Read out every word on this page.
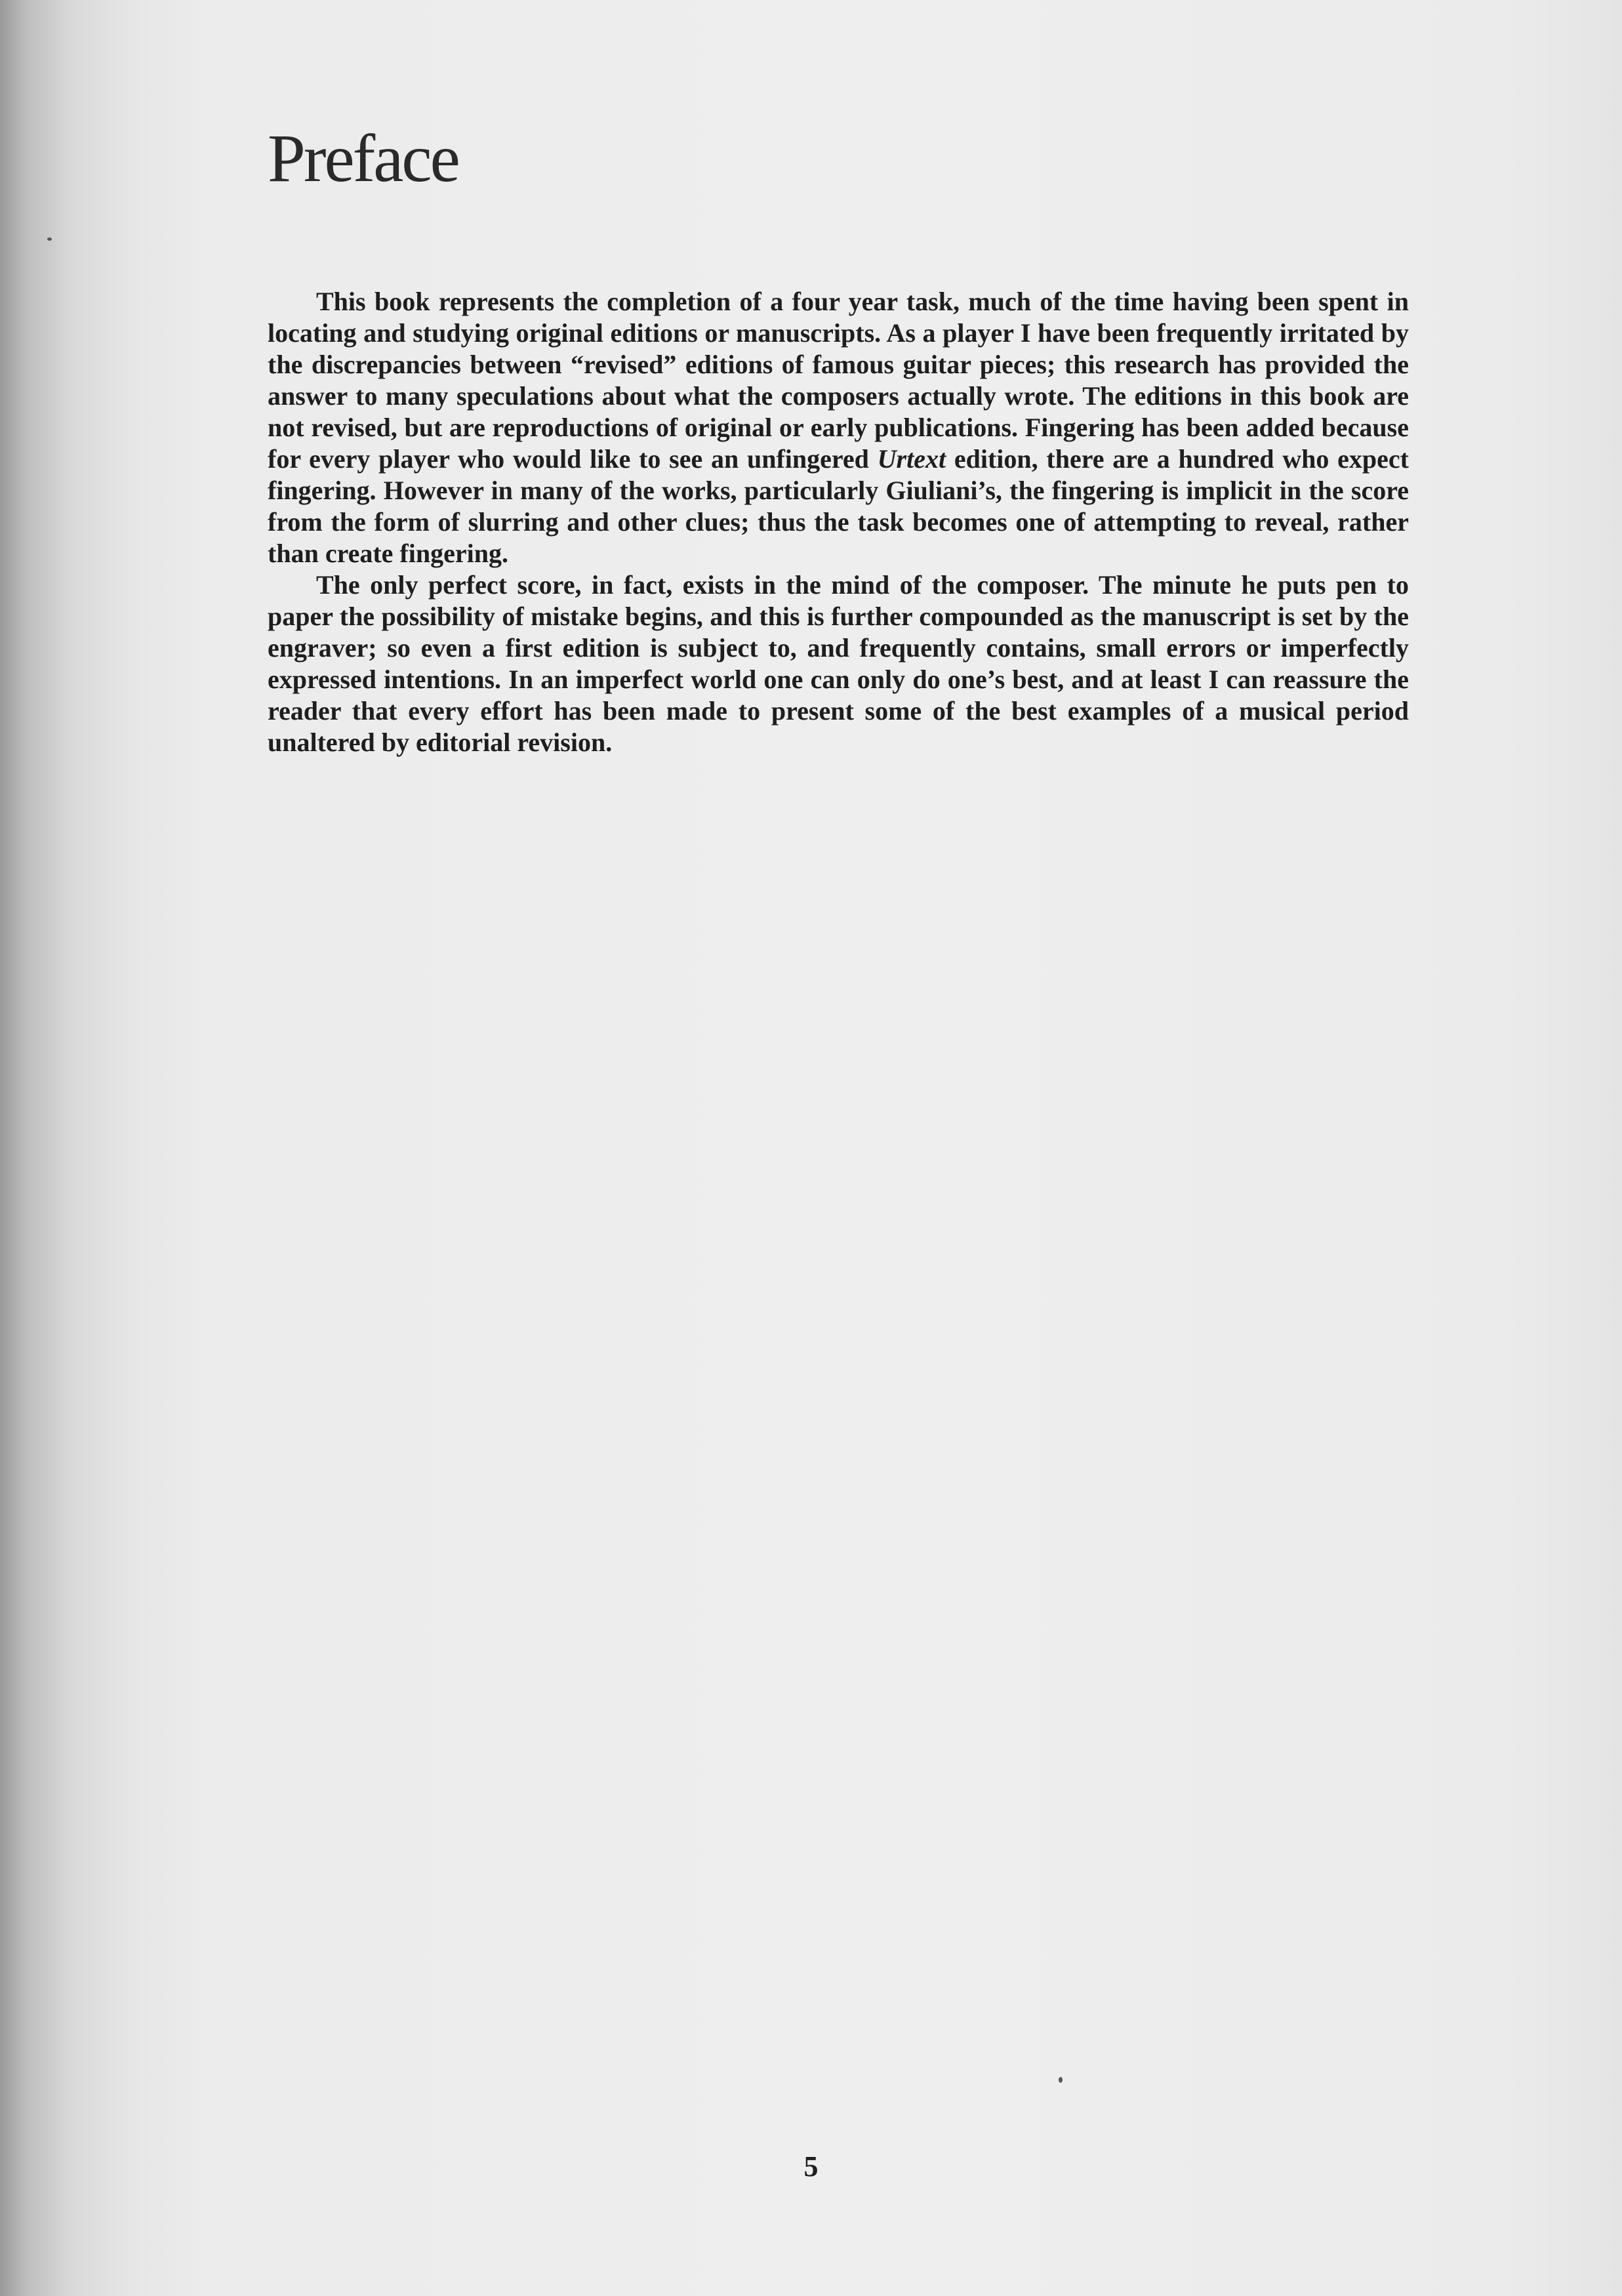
Preface

This book represents the completion of a four year task, much of the time having been spent in locating and studying original editions or manuscripts. As a player I have been frequently irritated by the discrepancies between “revised” editions of famous guitar pieces; this research has provided the answer to many speculations about what the composers actually wrote. The editions in this book are not revised, but are reproductions of original or early publications. Fingering has been added because for every player who would like to see an unfingered Urtext edition, there are a hundred who expect fingering. However in many of the works, particularly Giuliani’s, the fingering is implicit in the score from the form of slurring and other clues; thus the task becomes one of attempting to reveal, rather than create fingering.

The only perfect score, in fact, exists in the mind of the composer. The minute he puts pen to paper the possibility of mistake begins, and this is further compounded as the manuscript is set by the engraver; so even a first edition is subject to, and frequently contains, small errors or imperfectly expressed intentions. In an imperfect world one can only do one’s best, and at least I can reassure the reader that every effort has been made to present some of the best examples of a musical period unaltered by editorial revision.

5
